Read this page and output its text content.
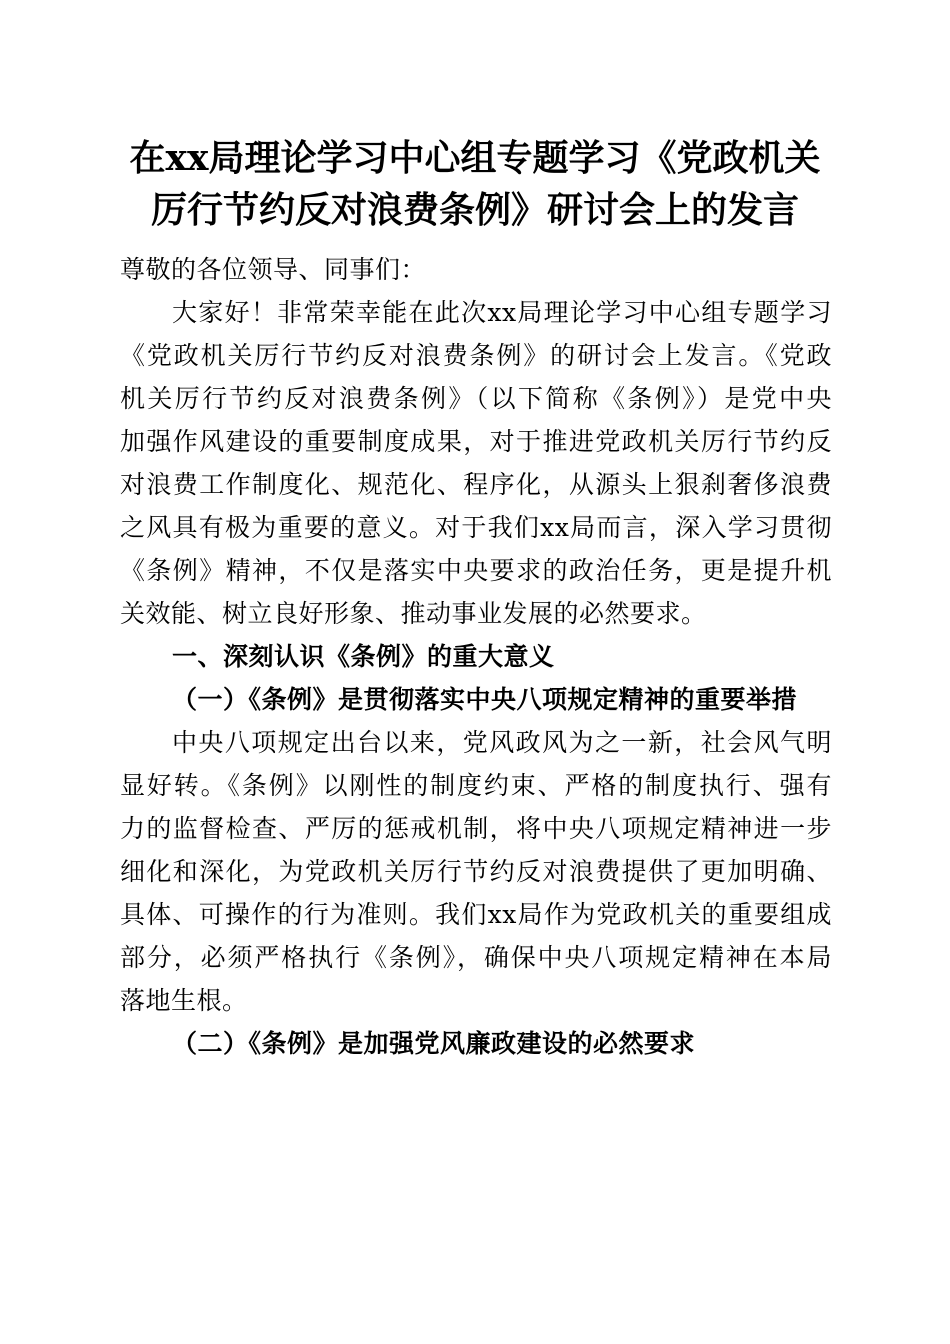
在xx局理论学习中心组专题学习《党政机关
厉行节约反对浪费条例》研讨会上的发言

尊敬的各位领导、同事们：

大家好！非常荣幸能在此次xx局理论学习中心组专题学习
《党政机关厉行节约反对浪费条例》的研讨会上发言。《党政
机关厉行节约反对浪费条例》（以下简称《条例》）是党中央
加强作风建设的重要制度成果，对于推进党政机关厉行节约反
对浪费工作制度化、规范化、程序化，从源头上狠刹奢侈浪费
之风具有极为重要的意义。对于我们xx局而言，深入学习贯彻
《条例》精神，不仅是落实中央要求的政治任务，更是提升机
关效能、树立良好形象、推动事业发展的必然要求。

一、深刻认识《条例》的重大意义

（一）《条例》是贯彻落实中央八项规定精神的重要举措

中央八项规定出台以来，党风政风为之一新，社会风气明
显好转。《条例》以刚性的制度约束、严格的制度执行、强有
力的监督检查、严厉的惩戒机制，将中央八项规定精神进一步
细化和深化，为党政机关厉行节约反对浪费提供了更加明确、
具体、可操作的行为准则。我们xx局作为党政机关的重要组成
部分，必须严格执行《条例》，确保中央八项规定精神在本局
落地生根。

（二）《条例》是加强党风廉政建设的必然要求
